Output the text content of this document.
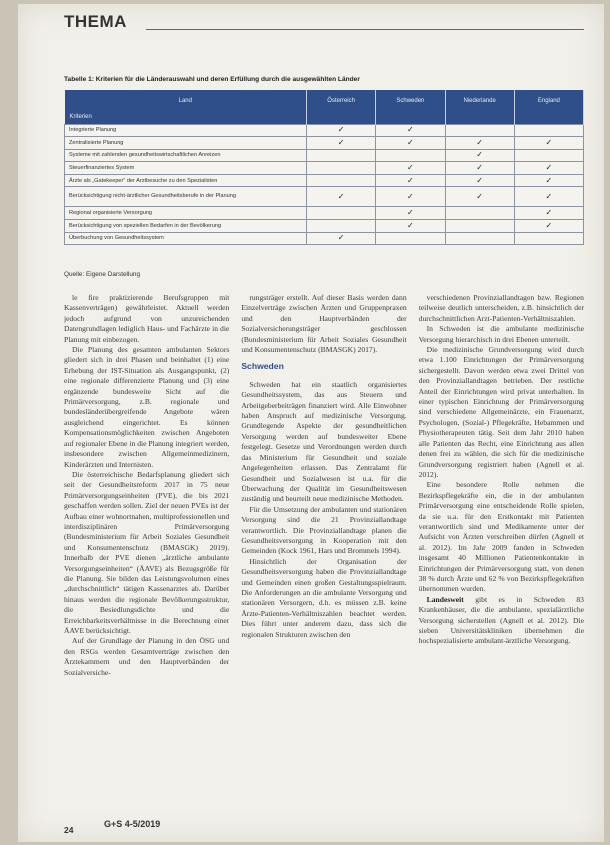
THEMA
Tabelle 1: Kriterien für die Länderauswahl und deren Erfüllung durch die ausgewählten Länder
Land
Kriterien	Österreich	Schweden	Niederlande	England
Integrierte Planung	✓	✓		
Zentralisierte Planung	✓	✓	✓	✓
Systeme mit zahlenden gesundheitswirtschaftlichen Anreizen			✓	
Steuerfinanziertes System		✓	✓	✓
Ärzte als „Gatekeeper“ der Arztbesuche zu den Spezialisten		✓	✓	✓
Berücksichtigung nicht-ärztlicher Gesundheitsberufe in der Planung	✓	✓	✓	✓
Regional organisierte Versorgung		✓		✓
Berücksichtigung von speziellen Bedarfen in der Bevölkerung		✓		✓
Überbuchung von Gesundheitssystem	✓			
Quelle: Eigene Darstellung

le fire praktizierende Berufsgruppen mit Kassenverträgen) gewährleistet. Aktuell werden jedoch aufgrund von unzureichenden Datengrundlagen lediglich Haus- und Fachärzte in die Planung mit einbezogen.

Die Planung des gesamten ambulanten Sektors gliedert sich in drei Phasen und beinhaltet (1) eine Erhebung der IST-Situation als Ausgangspunkt, (2) eine regionale differenzierte Planung und (3) eine ergänzende bundesweite Sicht auf die Primärversorgung, z.B. regionale und bundesländerübergreifende Angebote wären ausgleichend eingerichtet. Es können Kompensationsmöglichkeiten zwischen Angeboten auf regionaler Ebene in die Planung integriert werden, insbesondere zwischen Allgemeinmedizinern, Kinderärzten und Internisten.

Die österreichische Bedarfsplanung gliedert sich seit der Gesundheitsreform 2017 in 75 neue Primärversorgungseinheiten (PVE), die bis 2021 geschaffen werden sollen. Ziel der neuen PVEs ist der Aufbau einer wohnortnahen, multiprofessionellen und interdisziplinären Primärversorgung (Bundesministerium für Arbeit Soziales Gesundheit und Konsumentenschutz (BMASGK) 2019). Innerhalb der PVE dienen „ärztliche ambulante Versorgungseinheiten“ (ÄAVE) als Bezugsgröße für die Planung. Sie bilden das Leistungsvolumen eines „durchschnittlich“ tätigen Kassenarztes ab. Darüber hinaus werden die regionale Bevölkerungsstruktur, die Besiedlungsdichte und die Erreichbarkeitsverhältnisse in die Berechnung einer ÄAVE berücksichtigt.

Auf der Grundlage der Planung in den ÖSG und den RSGs werden Gesamtverträge zwischen den Ärztekammern und den Hauptverbänden der Sozialversiche-

rungsträger erstellt. Auf dieser Basis werden dann Einzelverträge zwischen Ärzten und Gruppenpraxen und den Hauptverbänden der Sozialversicherungsträger geschlossen (Bundesministerium für Arbeit Soziales Gesundheit und Konsumentenschutz (BMASGK) 2017).

Schweden

Schweden hat ein staatlich organisiertes Gesundheitssystem, das aus Steuern und Arbeitgeberbeiträgen finanziert wird. Alle Einwohner haben Anspruch auf medizinische Versorgung. Grundlegende Aspekte der gesundheitlichen Versorgung werden auf bundesweiter Ebene festgelegt. Gesetze und Verordnungen werden durch das Ministerium für Gesundheit und soziale Angelegenheiten erlassen. Das Zentralamt für Gesundheit und Sozialwesen ist u.a. für die Überwachung der Qualität im Gesundheitswesen zuständig und beurteilt neue medizinische Methoden.

Für die Umsetzung der ambulanten und stationären Versorgung sind die 21 Provinziallandtage verantwortlich. Die Provinziallandtage planen die Gesundheitsversorgung in Kooperation mit den Gemeinden (Kock 1961, Hars und Brommels 1994).

Hinsichtlich der Organisation der Gesundheitsversorgung haben die Provinziallandtage und Gemeinden einen großen Gestaltungsspielraum. Die Anforderungen an die ambulante Versorgung und stationären Versorgern, d.h. es müssen z.B. keine Ärzte-Patienten-Verhältniszahlen beachtet werden. Dies führt unter anderem dazu, dass sich die regionalen Strukturen zwischen den

verschiedenen Provinziallandtagen bzw. Regionen teilweise deutlich unterscheiden, z.B. hinsichtlich der durchschnittlichen Arzt-Patienten-Verhältniszahlen.

In Schweden ist die ambulante medizinische Versorgung hierarchisch in drei Ebenen unterteilt.

Die medizinische Grundversorgung wird durch etwa 1.100 Einrichtungen der Primärversorgung sichergestellt. Davon werden etwa zwei Drittel von den Provinziallandtagen betrieben. Der restliche Anteil der Einrichtungen wird privat unterhalten. In einer typischen Einrichtung der Primärversorgung sind verschiedene Allgemeinärzte, ein Frauenarzt, Psychologen, (Sozial-) Pflegekräfte, Hebammen und Physiotherapeuten tätig. Seit dem Jahr 2010 haben alle Patienten das Recht, eine Einrichtung aus allen denen frei zu wählen, die sich für die medizinische Grundversorgung registriert haben (Agnell et al. 2012).

Eine besondere Rolle nehmen die Bezirkspflegekräfte ein, die in der ambulanten Primärversorgung eine entscheidende Rolle spielen, da sie u.a. für den Erstkontakt mit Patienten verantwortlich sind und Medikamente unter der Aufsicht von Ärzten verschreiben dürfen (Agnell et al. 2012). Im Jahr 2009 fanden in Schweden insgesamt 40 Millionen Patientenkontakte in Einrichtungen der Primärversorgung statt, von denen 38 % durch Ärzte und 62 % von Bezirkspflegekräften übernommen wurden.

Landesweit gibt es in Schweden 83 Krankenhäuser, die die ambulante, spezialärztliche Versorgung sicherstellen (Agnell et al. 2012). Die sieben Universitätskliniken übernehmen die hochspezialisierte ambulant-ärztliche Versorgung.

24
G+S 4-5/2019
